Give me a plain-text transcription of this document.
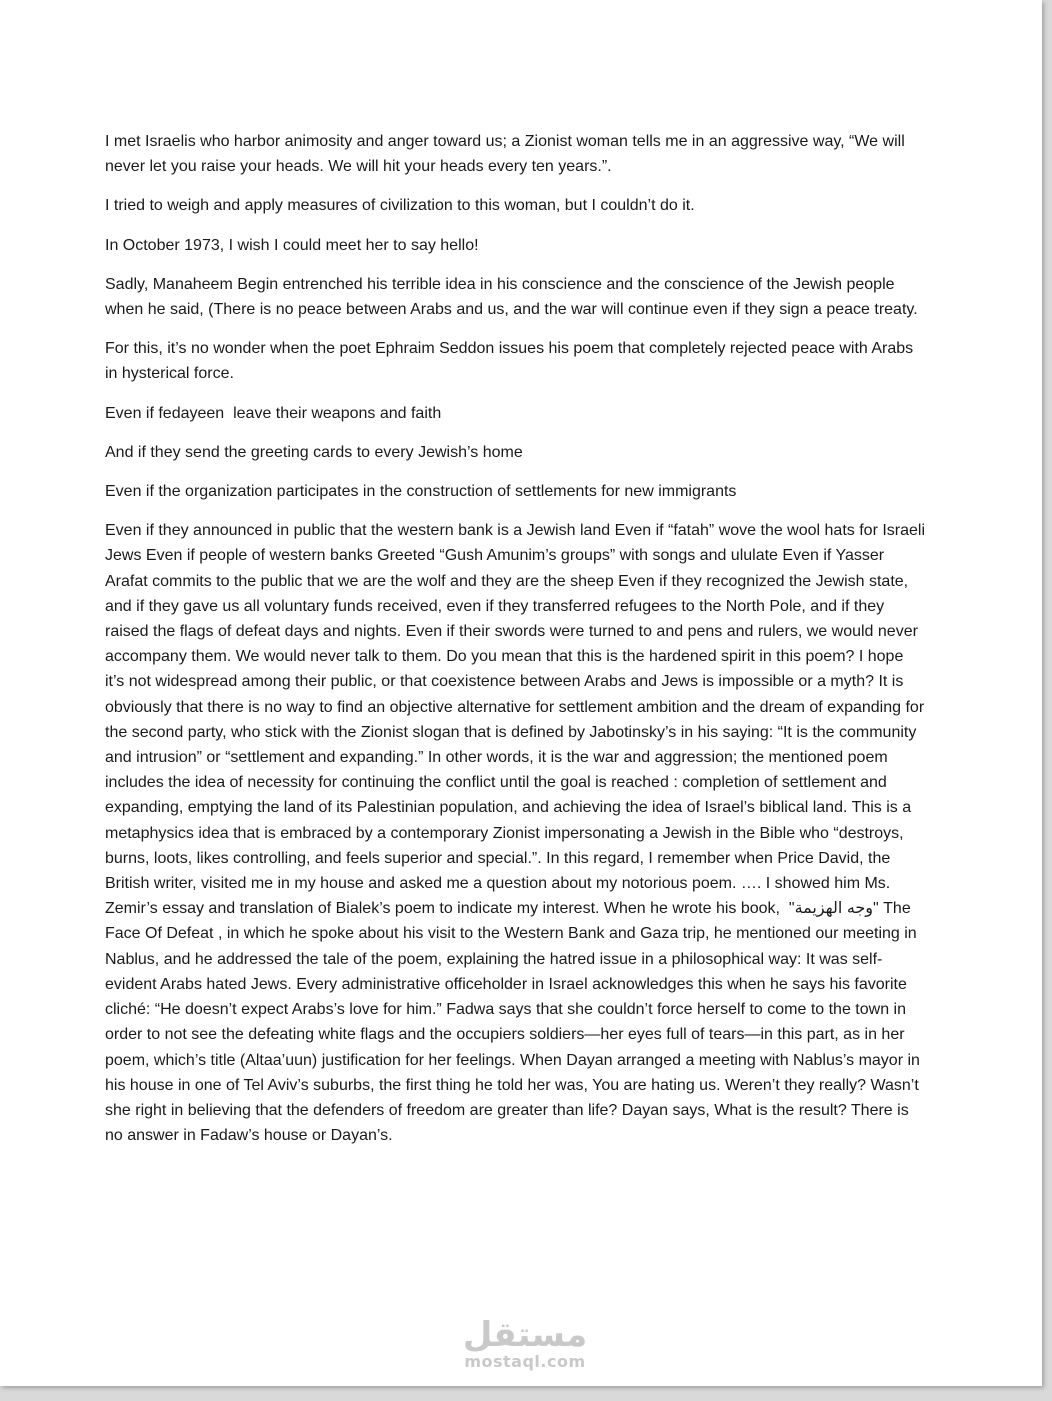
I met Israelis who harbor animosity and anger toward us; a Zionist woman tells me in an aggressive way, “We will never let you raise your heads. We will hit your heads every ten years.”.

I tried to weigh and apply measures of civilization to this woman, but I couldn’t do it.

In October 1973, I wish I could meet her to say hello!

Sadly, Manaheem Begin entrenched his terrible idea in his conscience and the conscience of the Jewish people when he said, (There is no peace between Arabs and us, and the war will continue even if they sign a peace treaty.

For this, it’s no wonder when the poet Ephraim Seddon issues his poem that completely rejected peace with Arabs in hysterical force.

Even if fedayeen  leave their weapons and faith

And if they send the greeting cards to every Jewish’s home

Even if the organization participates in the construction of settlements for new immigrants

Even if they announced in public that the western bank is a Jewish land Even if “fatah” wove the wool hats for Israeli Jews Even if people of western banks Greeted “Gush Amunim’s groups” with songs and ululate Even if Yasser Arafat commits to the public that we are the wolf and they are the sheep Even if they recognized the Jewish state, and if they gave us all voluntary funds received, even if they transferred refugees to the North Pole, and if they raised the flags of defeat days and nights. Even if their swords were turned to and pens and rulers, we would never accompany them. We would never talk to them. Do you mean that this is the hardened spirit in this poem? I hope it’s not widespread among their public, or that coexistence between Arabs and Jews is impossible or a myth? It is obviously that there is no way to find an objective alternative for settlement ambition and the dream of expanding for the second party, who stick with the Zionist slogan that is defined by Jabotinsky’s in his saying: “It is the community and intrusion” or “settlement and expanding.” In other words, it is the war and aggression; the mentioned poem includes the idea of necessity for continuing the conflict until the goal is reached : completion of settlement and expanding, emptying the land of its Palestinian population, and achieving the idea of Israel’s biblical land. This is a metaphysics idea that is embraced by a contemporary Zionist impersonating a Jewish in the Bible who “destroys, burns, loots, likes controlling, and feels superior and special.”. In this regard, I remember when Price David, the British writer, visited me in my house and asked me a question about my notorious poem. …. I showed him Ms. Zemir’s essay and translation of Bialek’s poem to indicate my interest. When he wrote his book,  "وجه الهزيمة" The Face Of Defeat , in which he spoke about his visit to the Western Bank and Gaza trip, he mentioned our meeting in Nablus, and he addressed the tale of the poem, explaining the hatred issue in a philosophical way: It was self-evident Arabs hated Jews. Every administrative officeholder in Israel acknowledges this when he says his favorite cliché: “He doesn’t expect Arabs’s love for him.” Fadwa says that she couldn’t force herself to come to the town in order to not see the defeating white flags and the occupiers soldiers—her eyes full of tears—in this part, as in her poem, which’s title (Altaa’uun) justification for her feelings. When Dayan arranged a meeting with Nablus’s mayor in his house in one of Tel Aviv’s suburbs, the first thing he told her was, You are hating us. Weren’t they really? Wasn’t she right in believing that the defenders of freedom are greater than life? Dayan says, What is the result? There is no answer in Fadaw’s house or Dayan’s.

مستقل
mostaql.com
